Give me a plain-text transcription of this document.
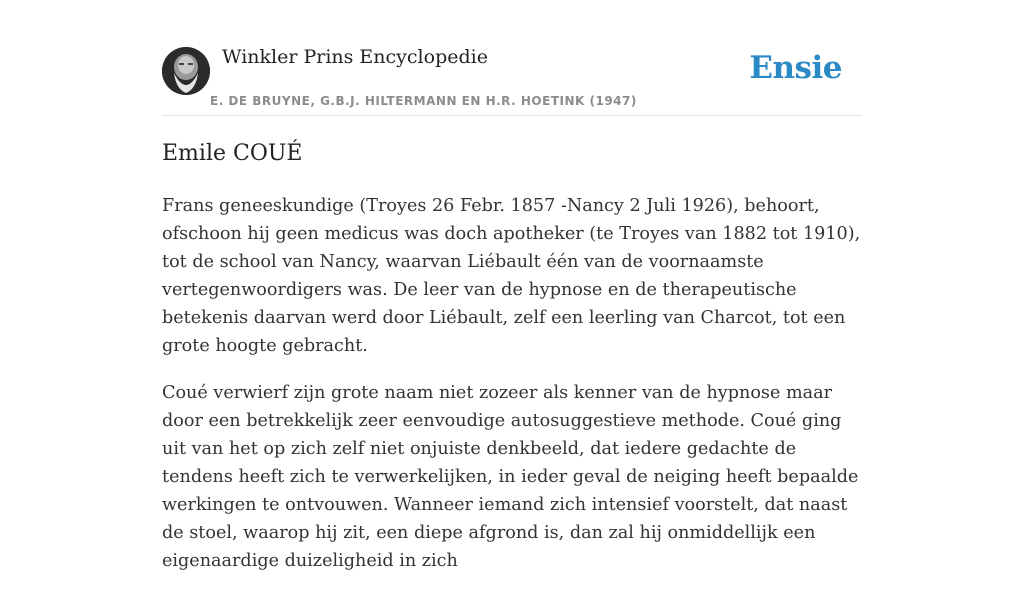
Winkler Prins Encyclopedie
E. DE BRUYNE, G.B.J. HILTERMANN EN H.R. HOETINK (1947)
Ensie
Emile COUÉ

Frans geneeskundige (Troyes 26 Febr. 1857 -Nancy 2 Juli 1926), behoort, ofschoon hij geen medicus was doch apotheker (te Troyes van 1882 tot 1910), tot de school van Nancy, waarvan Liébault één van de voornaamste vertegenwoordigers was. De leer van de hypnose en de therapeutische betekenis daarvan werd door Liébault, zelf een leerling van Charcot, tot een grote hoogte gebracht.

Coué verwierf zijn grote naam niet zozeer als kenner van de hypnose maar door een betrekkelijk zeer eenvoudige autosuggestieve methode. Coué ging uit van het op zich zelf niet onjuiste denkbeeld, dat iedere gedachte de tendens heeft zich te verwerkelijken, in ieder geval de neiging heeft bepaalde werkingen te ontvouwen. Wanneer iemand zich intensief voorstelt, dat naast de stoel, waarop hij zit, een diepe afgrond is, dan zal hij onmiddellijk een eigenaardige duizeligheid in zich
